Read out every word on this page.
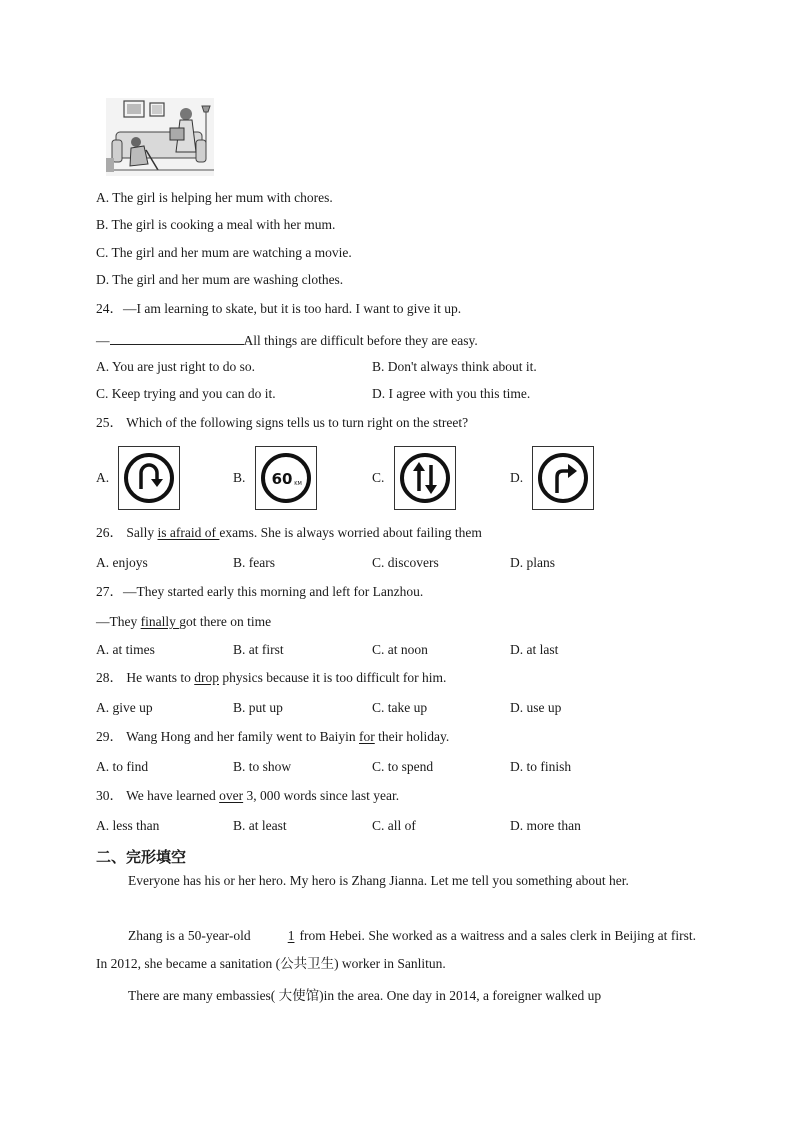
A. The girl is helping her mum with chores.
B. The girl is cooking a meal with her mum.
C. The girl and her mum are watching a movie.
D. The girl and her mum are washing clothes.
24．—I am learning to skate, but it is too hard. I want to give it up.
—	All things are difficult before they are easy.
A. You are just right to do so.	B. Don't always think about it.
C. Keep trying and you can do it.	D. I agree with you this time.
25． Which of the following signs tells us to turn right on the street?
A.	B. 60 KM	C.	D.
26． Sally is afraid of exams. She is always worried about failing them
A. enjoys	B. fears	C. discovers	D. plans
27．—They started early this morning and left for Lanzhou.
—They finally got there on time
A. at times	B. at first	C. at noon	D. at last
28． He wants to drop physics because it is too difficult for him.
A. give up	B. put up	C. take up	D. use up
29． Wang Hong and her family went to Baiyin for their holiday.
A. to find	B. to show	C. to spend	D. to finish
30． We have learned over 3, 000 words since last year.
A. less than	B. at least	C. all of	D. more than
二、完形填空
Everyone has his or her hero. My hero is Zhang Jianna. Let me tell you something about her.
Zhang is a 50-year-old 1 from Hebei. She worked as a waitress and a sales clerk in Beijing at first. In 2012, she became a sanitation (公共卫生) worker in Sanlitun.
There are many embassies( 大使馆)in the area. One day in 2014, a foreigner walked up
